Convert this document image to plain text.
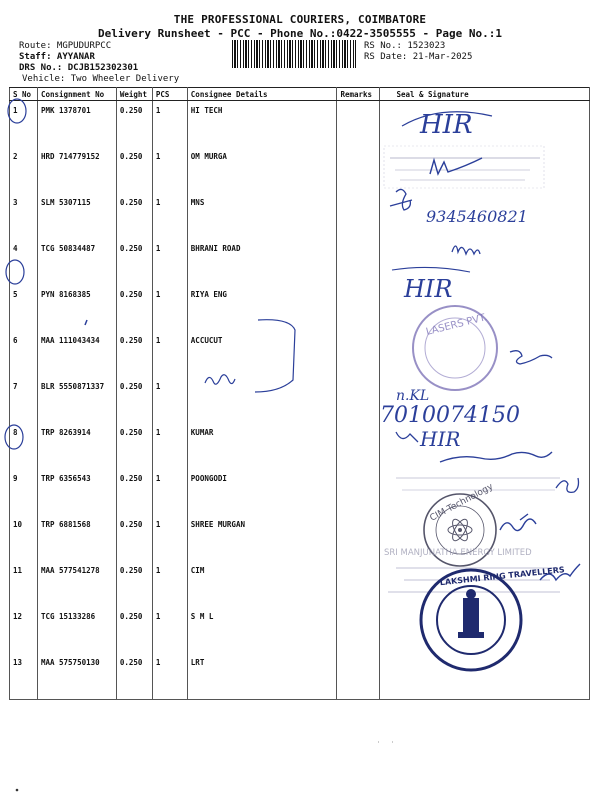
THE PROFESSIONAL COURIERS, COIMBATORE
Delivery Runsheet - PCC - Phone No.:0422-3505555 - Page No.:1
Route: MGPUDURPCC
Staff: AYYANAR
DRS No.: DCJB152302301
Vehicle: Two Wheeler Delivery
RS No.: 1523023
RS Date: 21-Mar-2025
S No	Consignment No	Weight	PCS	Consignee Details	Remarks	Seal & Signature
1	PMK 1378701	0.250	1	HI TECH		
2	HRD 714779152	0.250	1	OM MURGA		
3	SLM 5307115	0.250	1	MNS		
4	TCG 50834487	0.250	1	BHRANI ROAD		
5	PYN 8168385	0.250	1	RIYA ENG		
6	MAA 111043434	0.250	1	ACCUCUT		
7	BLR 5550871337	0.250	1			
8	TRP 8263914	0.250	1	KUMAR		
9	TRP 6356543	0.250	1	POONGODI		
10	TRP 6881568	0.250	1	SHREE MURGAN		
11	MAA 577541278	0.250	1	CIM		
12	TCG 15133286	0.250	1	S M L		
13	MAA 575750130	0.250	1	LRT		
HIR
9345460821
HIR
LASERS PVT.
n.KL
7010074150
HIR
CIM Technology
SRI MANJUNATHA ENERGY LIMITED
LAKSHMI RING TRAVELLERS
